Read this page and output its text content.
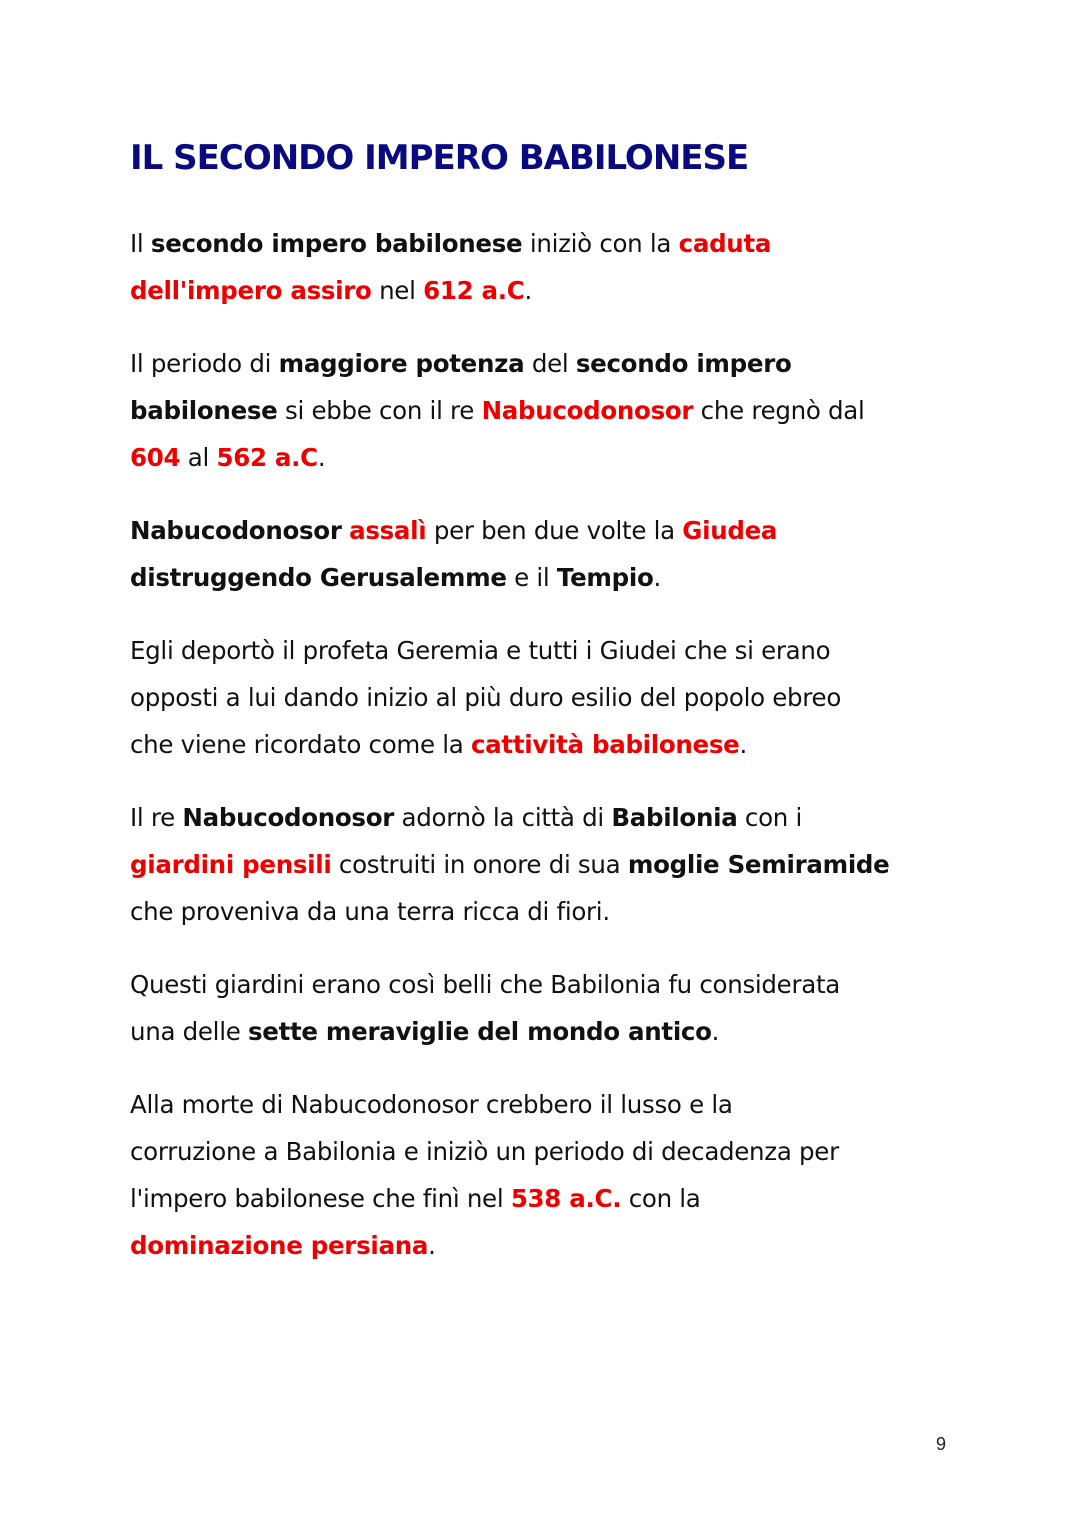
IL SECONDO IMPERO BABILONESE

Il secondo impero babilonese iniziò con la caduta
dell'impero assiro nel 612 a.C.

Il periodo di maggiore potenza del secondo impero
babilonese si ebbe con il re Nabucodonosor che regnò dal
604 al 562 a.C.

Nabucodonosor assalì per ben due volte la Giudea
distruggendo Gerusalemme e il Tempio.

Egli deportò il profeta Geremia e tutti i Giudei che si erano
opposti a lui dando inizio al più duro esilio del popolo ebreo
che viene ricordato come la cattività babilonese.

Il re Nabucodonosor adornò la città di Babilonia con i
giardini pensili costruiti in onore di sua moglie Semiramide
che proveniva da una terra ricca di fiori.

Questi giardini erano così belli che Babilonia fu considerata
una delle sette meraviglie del mondo antico.

Alla morte di Nabucodonosor crebbero il lusso e la
corruzione a Babilonia e iniziò un periodo di decadenza per
l'impero babilonese che finì nel 538 a.C. con la
dominazione persiana.

9
